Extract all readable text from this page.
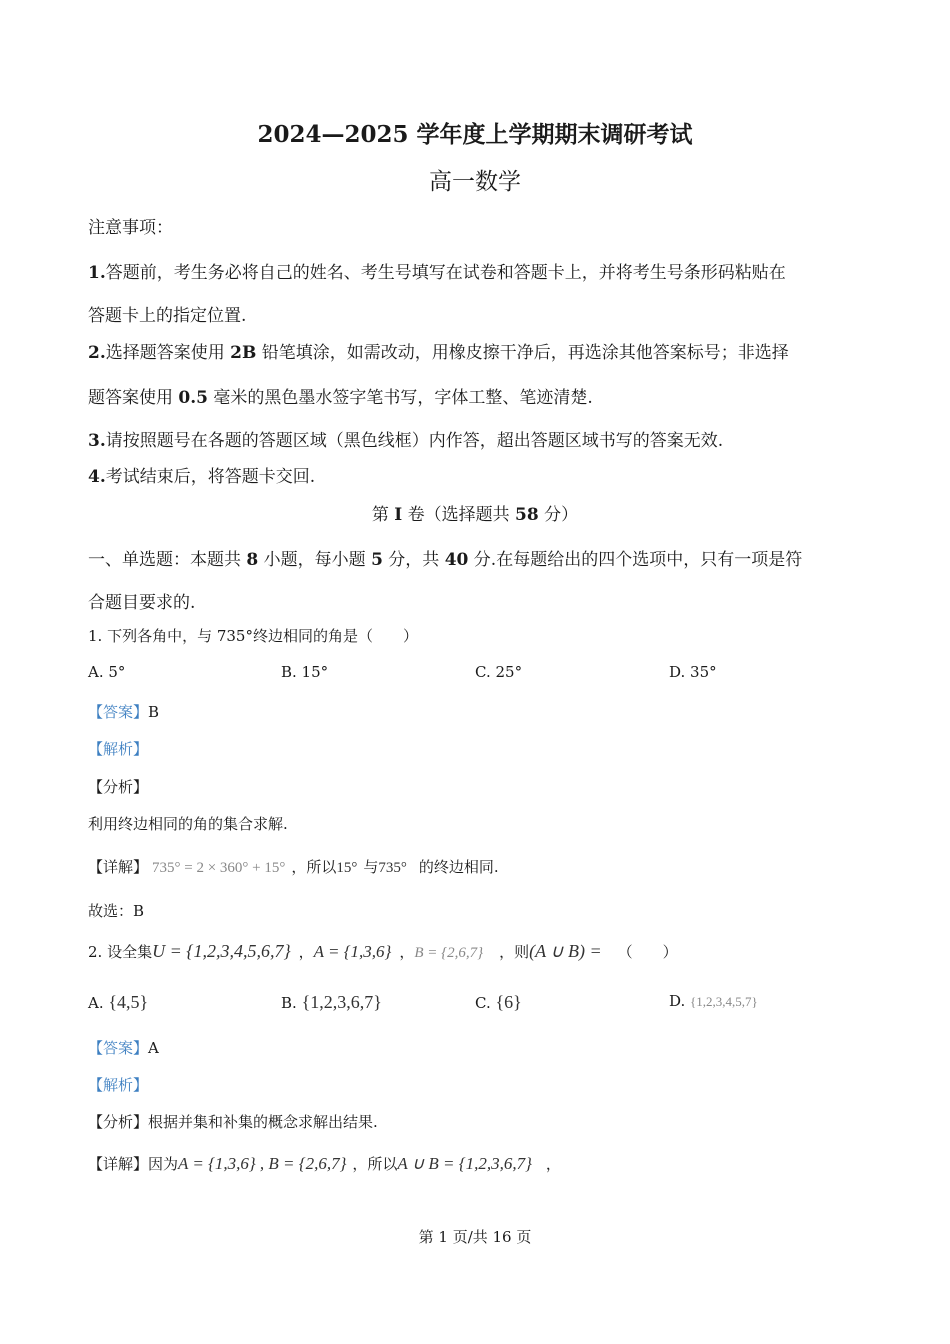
2024—2025 学年度上学期期末调研考试
高一数学
注意事项：
1.答题前，考生务必将自己的姓名、考生号填写在试卷和答题卡上，并将考生号条形码粘贴在
答题卡上的指定位置.
2.选择题答案使用 2B 铅笔填涂，如需改动，用橡皮擦干净后，再选涂其他答案标号；非选择
题答案使用 0.5 毫米的黑色墨水签字笔书写，字体工整、笔迹清楚.
3.请按照题号在各题的答题区域（黑色线框）内作答，超出答题区域书写的答案无效.
4.考试结束后，将答题卡交回.
第 I 卷（选择题共 58 分）
一、单选题：本题共 8 小题，每小题 5 分，共 40 分.在每题给出的四个选项中，只有一项是符
合题目要求的.
1. 下列各角中，与 735°终边相同的角是（　　）
A. 5°	B. 15°	C. 25°	D. 35°
【答案】B
【解析】
【分析】
利用终边相同的角的集合求解.
【详解】 735° = 2 × 360° + 15° ，所以15° 与735° 的终边相同.
故选：B
2. 设全集U = {1,2,3,4,5,6,7} ，A = {1,3,6} ，B = {2,6,7} ，则(A ∪ B) = （　　）
A. {4,5}	B. {1,2,3,6,7}	C. {6}	D. {1,2,3,4,5,7}
【答案】A
【解析】
【分析】根据并集和补集的概念求解出结果.
【详解】因为A = {1,3,6} , B = {2,6,7} ，所以A ∪ B = {1,2,3,6,7} ，
第 1 页/共 16 页
